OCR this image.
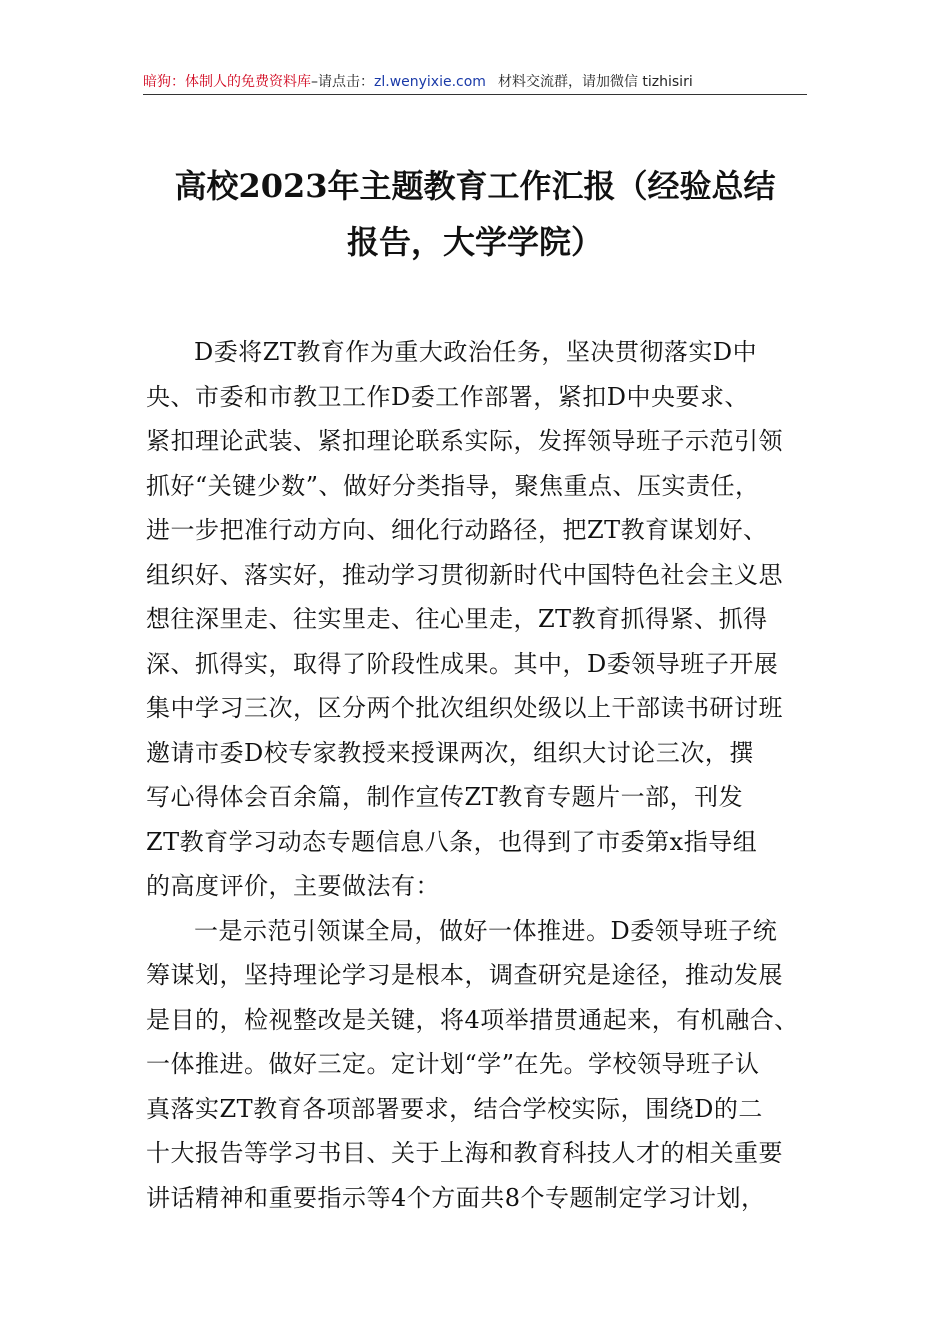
暗狗：体制人的免费资料库–请点击：zl.wenyixie.com 材料交流群，请加微信 tizhisiri
高校2023年主题教育工作汇报（经验总结
报告，大学学院）
D委将ZT教育作为重大政治任务，坚决贯彻落实D中
央、市委和市教卫工作D委工作部署，紧扣D中央要求、
紧扣理论武装、紧扣理论联系实际，发挥领导班子示范引领
抓好“关键少数”、做好分类指导，聚焦重点、压实责任，
进一步把准行动方向、细化行动路径，把ZT教育谋划好、
组织好、落实好，推动学习贯彻新时代中国特色社会主义思
想往深里走、往实里走、往心里走，ZT教育抓得紧、抓得
深、抓得实，取得了阶段性成果。其中，D委领导班子开展
集中学习三次，区分两个批次组织处级以上干部读书研讨班
邀请市委D校专家教授来授课两次，组织大讨论三次，撰
写心得体会百余篇，制作宣传ZT教育专题片一部，刊发
ZT教育学习动态专题信息八条，也得到了市委第x指导组
的高度评价，主要做法有：
一是示范引领谋全局，做好一体推进。D委领导班子统
筹谋划，坚持理论学习是根本，调查研究是途径，推动发展
是目的，检视整改是关键，将4项举措贯通起来，有机融合、
一体推进。做好三定。定计划“学”在先。学校领导班子认
真落实ZT教育各项部署要求，结合学校实际，围绕D的二
十大报告等学习书目、关于上海和教育科技人才的相关重要
讲话精神和重要指示等4个方面共8个专题制定学习计划，
